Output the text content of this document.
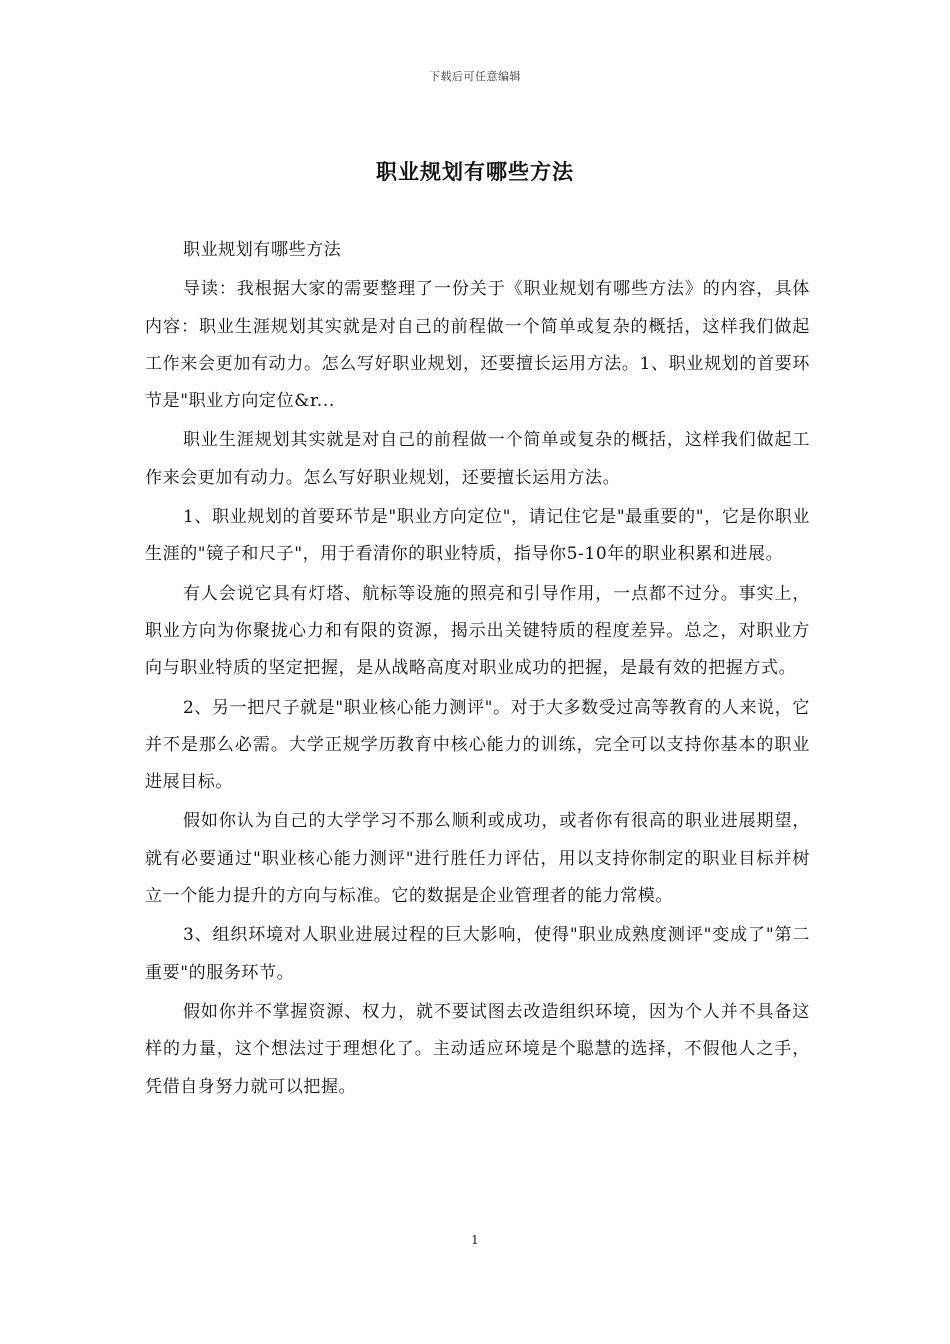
下载后可任意编辑
职业规划有哪些方法

职业规划有哪些方法

导读：我根据大家的需要整理了一份关于《职业规划有哪些方法》的内容，具体内容：职业生涯规划其实就是对自己的前程做一个简单或复杂的概括，这样我们做起工作来会更加有动力。怎么写好职业规划，还要擅长运用方法。1、职业规划的首要环节是"职业方向定位&r...

职业生涯规划其实就是对自己的前程做一个简单或复杂的概括，这样我们做起工作来会更加有动力。怎么写好职业规划，还要擅长运用方法。

1、职业规划的首要环节是"职业方向定位"，请记住它是"最重要的"，它是你职业生涯的"镜子和尺子"，用于看清你的职业特质，指导你5-10年的职业积累和进展。

有人会说它具有灯塔、航标等设施的照亮和引导作用，一点都不过分。事实上，职业方向为你聚拢心力和有限的资源，揭示出关键特质的程度差异。总之，对职业方向与职业特质的坚定把握，是从战略高度对职业成功的把握，是最有效的把握方式。

2、另一把尺子就是"职业核心能力测评"。对于大多数受过高等教育的人来说，它并不是那么必需。大学正规学历教育中核心能力的训练，完全可以支持你基本的职业进展目标。

假如你认为自己的大学学习不那么顺利或成功，或者你有很高的职业进展期望，就有必要通过"职业核心能力测评"进行胜任力评估，用以支持你制定的职业目标并树立一个能力提升的方向与标准。它的数据是企业管理者的能力常模。

3、组织环境对人职业进展过程的巨大影响，使得"职业成熟度测评"变成了"第二重要"的服务环节。

假如你并不掌握资源、权力，就不要试图去改造组织环境，因为个人并不具备这样的力量，这个想法过于理想化了。主动适应环境是个聪慧的选择，不假他人之手，凭借自身努力就可以把握。

1
